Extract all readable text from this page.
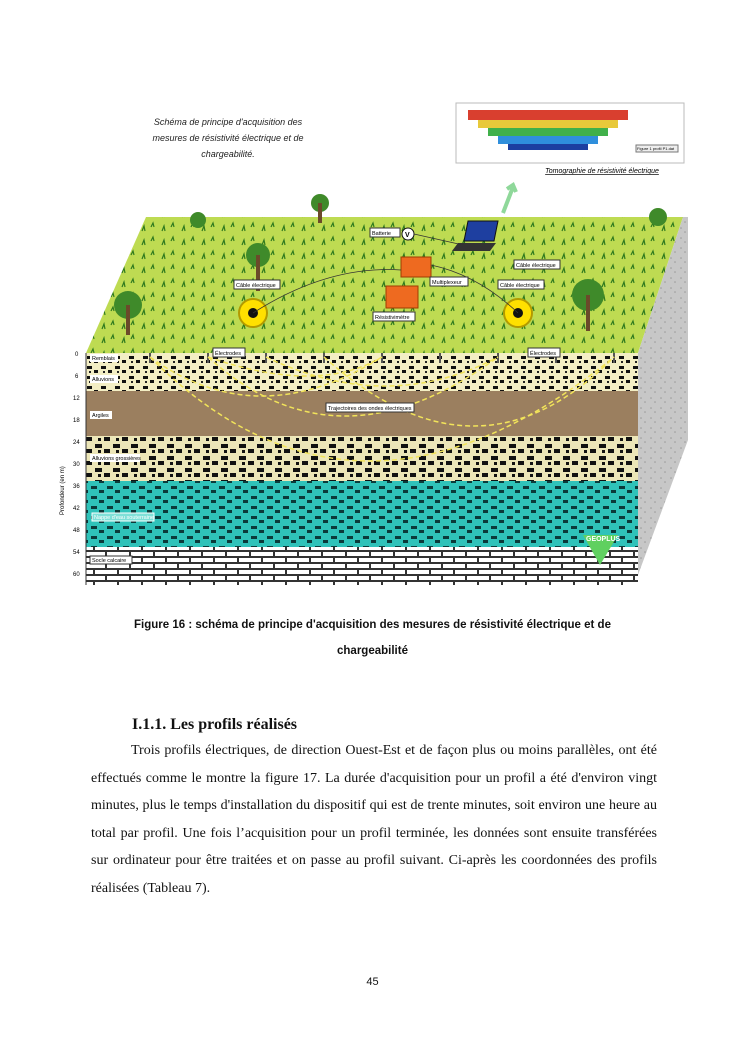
Profondeur (en m)
0
6
12
18
24
30
36
42
48
54
60
Remblais
Alluvions
Argiles
Alluvions grossières
Nappe d'eau souterraine
Socle calcaire
V
Batterie
Multiplexeur
Résistivimètre
Câble électrique
Câble électrique
Câble électrique
Électrodes	Électrodes
Trajectoires des ondes électriques
Schéma de principe d'acquisition des
mesures de résistivité électrique et de
chargeabilité.
Figure 1 profil P1.dat
Tomographie de résistivité électrique
GEOPLUS
Figure 16 : schéma de principe d'acquisition des mesures de résistivité électrique et de
chargeabilité
I.1.1. Les profils réalisés
Trois profils électriques, de direction Ouest-Est et de façon plus ou moins parallèles, ont été effectués comme le montre la figure 17. La durée d'acquisition pour un profil a été d'environ vingt minutes, plus le temps d'installation du dispositif qui est de trente minutes, soit environ une heure au total par profil. Une fois l’acquisition pour un profil terminée, les données sont ensuite transférées sur ordinateur pour être traitées et on passe au profil suivant. Ci-après les coordonnées des profils réalisées (Tableau 7).
45
